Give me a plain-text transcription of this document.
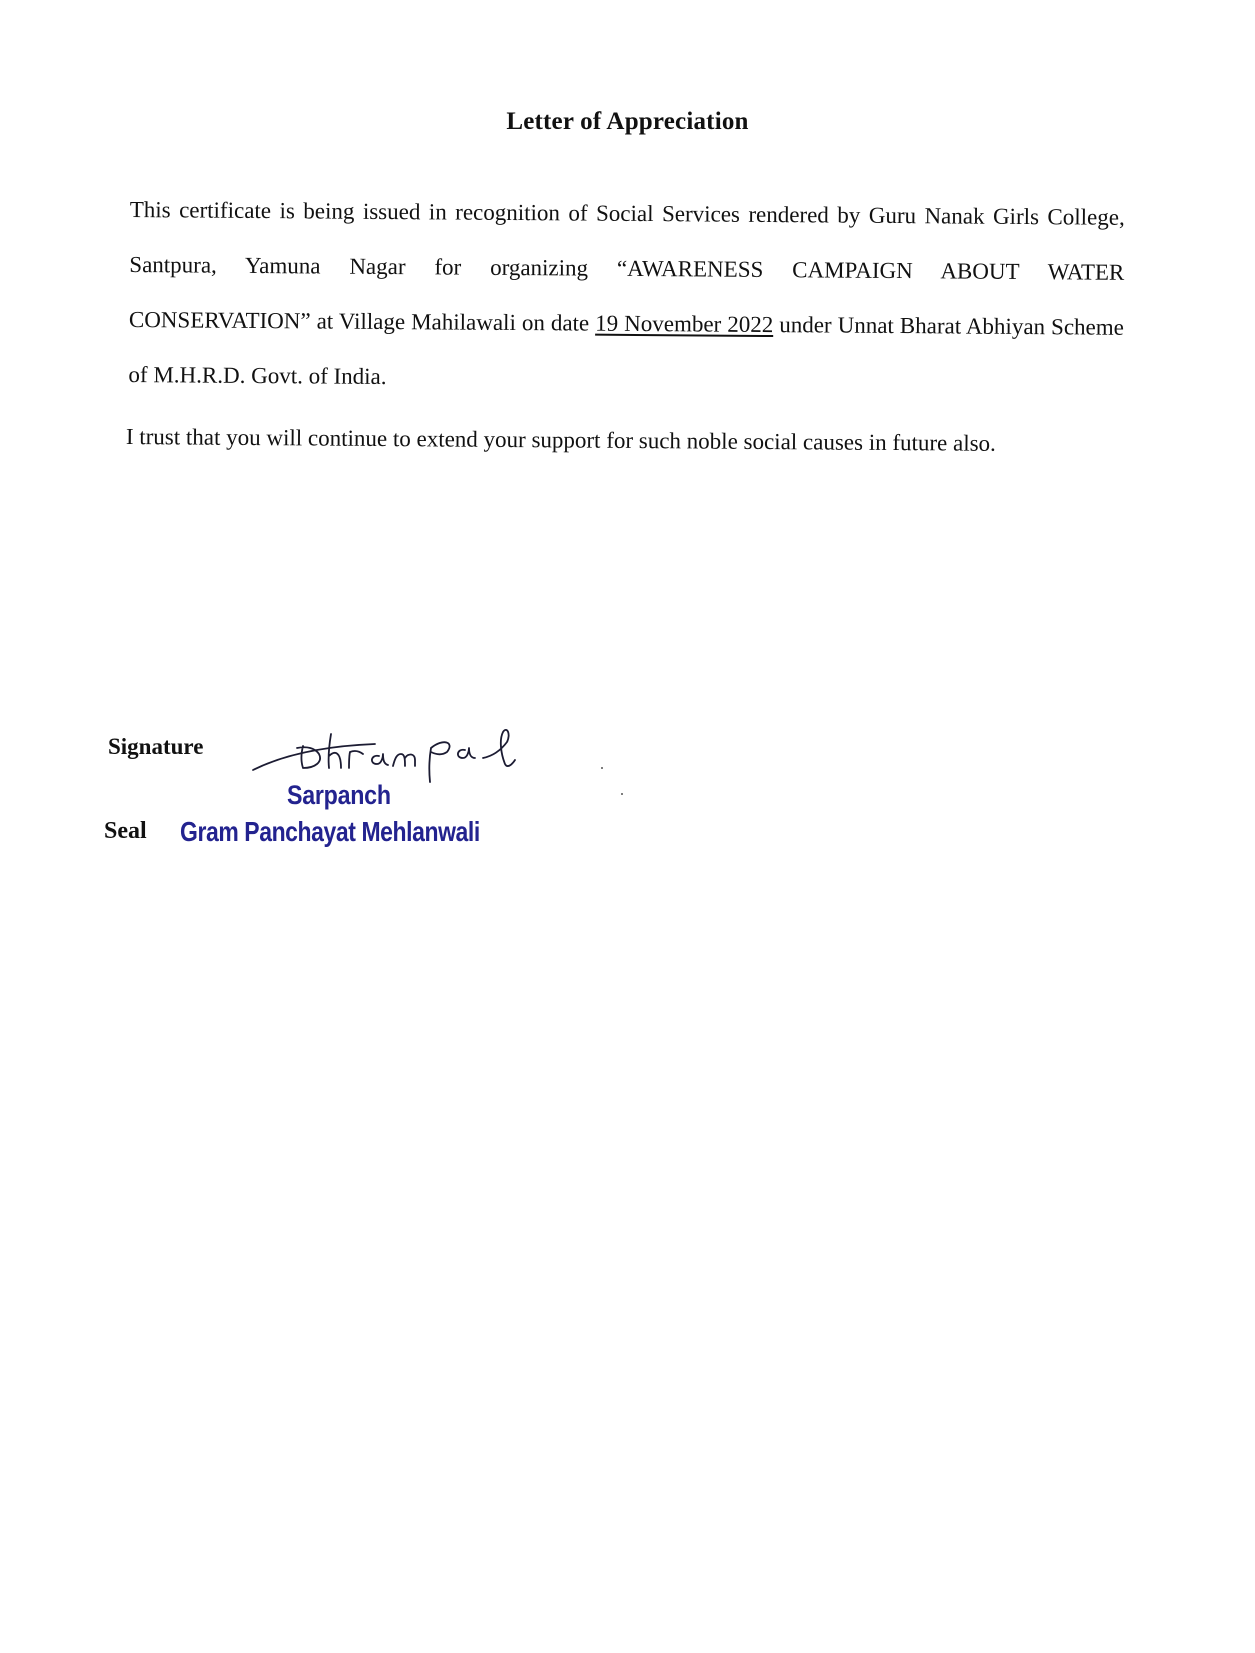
Letter of Appreciation

This certificate is being issued in recognition of Social Services rendered by Guru Nanak Girls College, Santpura, Yamuna Nagar for organizing “AWARENESS CAMPAIGN ABOUT WATER CONSERVATION” at Village Mahilawali on date 19 November 2022 under Unnat Bharat Abhiyan Scheme of M.H.R.D. Govt. of India.

I trust that you will continue to extend your support for such noble social causes in future also.
Signature
Sarpanch
Seal Gram Panchayat Mehlanwali
